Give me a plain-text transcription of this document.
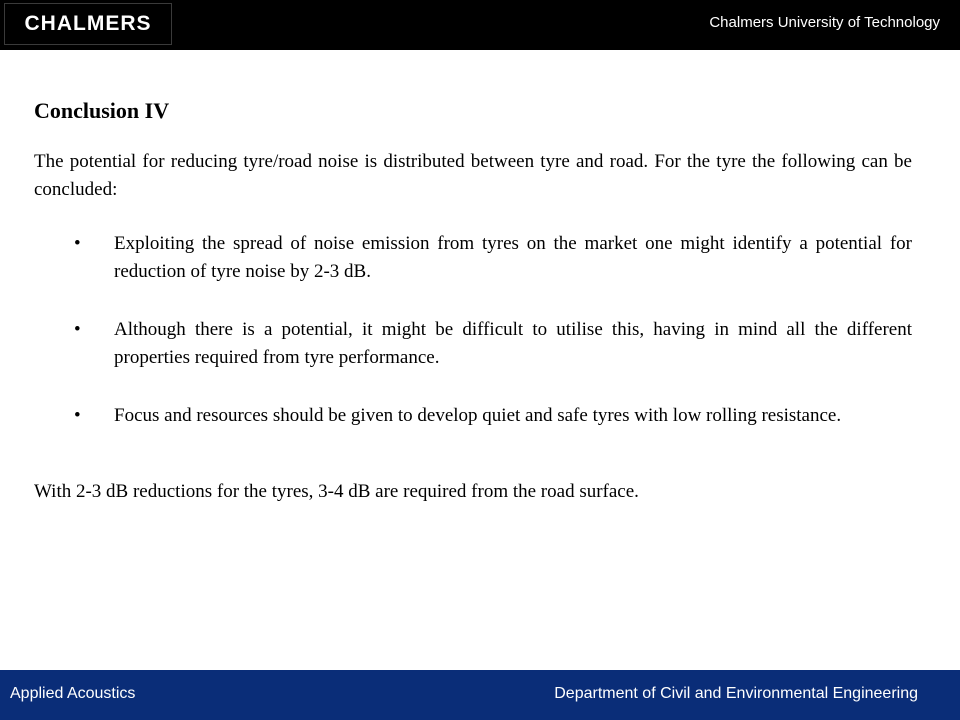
CHALMERS	Chalmers University of Technology
Conclusion IV

The potential for reducing tyre/road noise is distributed between tyre and road. For the tyre the following can be concluded:

• Exploiting the spread of noise emission from tyres on the market one might identify a potential for reduction of tyre noise by 2-3 dB.
• Although there is a potential, it might be difficult to utilise this, having in mind all the different properties required from tyre performance.
• Focus and resources should be given to develop quiet and safe tyres with low rolling resistance.

With 2-3 dB reductions for the tyres, 3-4 dB are required from the road surface.

Applied Acoustics	Department of Civil and Environmental Engineering
